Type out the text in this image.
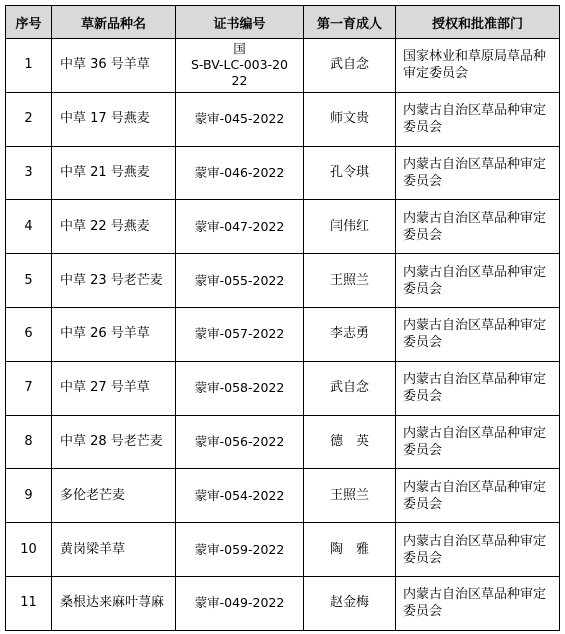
序号	草新品种名	证书编号	第一育成人	授权和批准部门
1	中草 36 号羊草	国
S-BV-LC-003-20
22	武自念	国家林业和草原局草品种审定委员会
2	中草 17 号燕麦	蒙审-045-2022	师文贵	内蒙古自治区草品种审定委员会
3	中草 21 号燕麦	蒙审-046-2022	孔令琪	内蒙古自治区草品种审定委员会
4	中草 22 号燕麦	蒙审-047-2022	闫伟红	内蒙古自治区草品种审定委员会
5	中草 23 号老芒麦	蒙审-055-2022	王照兰	内蒙古自治区草品种审定委员会
6	中草 26 号羊草	蒙审-057-2022	李志勇	内蒙古自治区草品种审定委员会
7	中草 27 号羊草	蒙审-058-2022	武自念	内蒙古自治区草品种审定委员会
8	中草 28 号老芒麦	蒙审-056-2022	德　英	内蒙古自治区草品种审定委员会
9	多伦老芒麦	蒙审-054-2022	王照兰	内蒙古自治区草品种审定委员会
10	黄岗梁羊草	蒙审-059-2022	陶　雅	内蒙古自治区草品种审定委员会
11	桑根达来麻叶荨麻	蒙审-049-2022	赵金梅	内蒙古自治区草品种审定委员会
